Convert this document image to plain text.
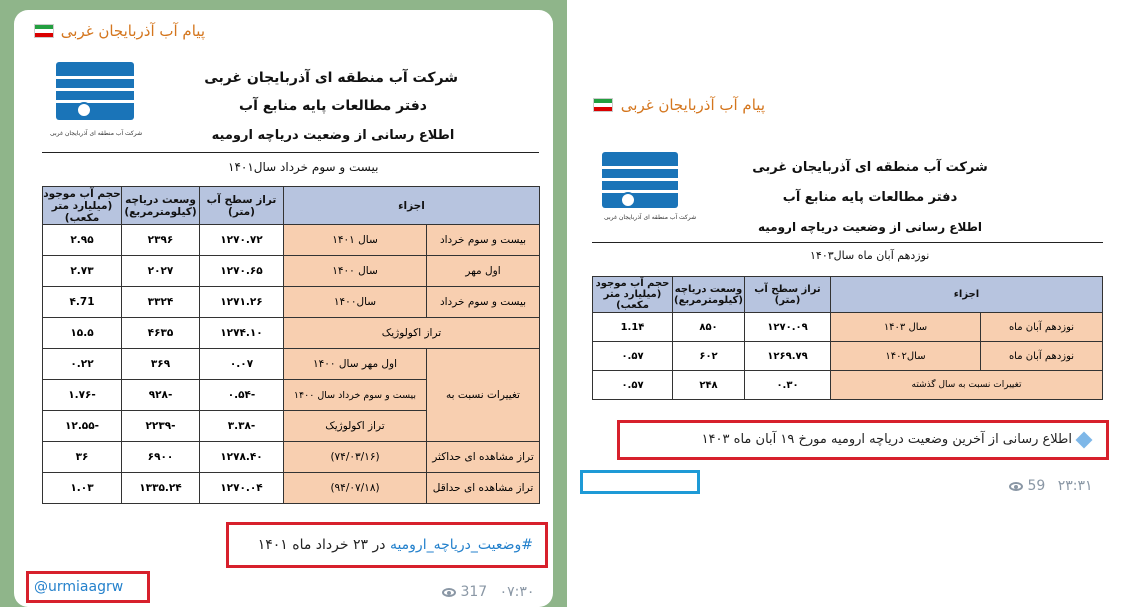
پیام آب آذربایجان غربی
شرکت آب منطقه ای آذربایجان غربی
شرکت آب منطقه ای آذربایجان غربی
دفتر مطالعات پایه منابع آب
اطلاع رسانی از وضعیت دریاچه ارومیه
بیست و سوم خرداد سال۱۴۰۱
اجزاء		تراز سطح آب (متر)	وسعت دریاچه (کیلومترمربع)	حجم آب موجود (میلیارد متر مکعب)
بیست و سوم خرداد	سال ۱۴۰۱	۱۲۷۰.۷۲	۲۳۹۶	۲.۹۵
اول مهر	سال ۱۴۰۰	۱۲۷۰.۶۵	۲۰۲۷	۲.۷۳
بیست و سوم خرداد	سال۱۴۰۰	۱۲۷۱.۲۶	۳۳۲۴	۴.71
تراز اکولوژیک		۱۲۷۴.۱۰	۴۶۳۵	۱۵.۵
تغییرات نسبت به	اول مهر سال ۱۴۰۰	۰.۰۷	۳۶۹	۰.۲۲
	بیست و سوم خرداد سال ۱۴۰۰	-۰.۵۴	-۹۲۸	-۱.۷۶
	تراز اکولوژیک	-۳.۳۸	-۲۲۳۹	-۱۲.۵۵
تراز مشاهده ای حداکثر	(۷۴/۰۳/۱۶)	۱۲۷۸.۴۰	۶۹۰۰	۳۶
تراز مشاهده ای حداقل	(۹۴/۰۷/۱۸)	۱۲۷۰.۰۴	۱۳۳۵.۲۴	۱.۰۳
#وضعیت_دریاچه_ارومیه در ۲۳ خرداد ماه ۱۴۰۱
@urmiaagrw	317 ۰۷:۳۰
پیام آب آذربایجان غربی
شرکت آب منطقه ای آذربایجان غربی
شرکت آب منطقه ای آذربایجان غربی
دفتر مطالعات پایه منابع آب
اطلاع رسانی از وضعیت دریاچه ارومیه
نوزدهم آبان ماه سال۱۴۰۳
اجزاء		تراز سطح آب (متر)	وسعت دریاچه (کیلومترمربع)	حجم آب موجود (میلیارد متر مکعب)
نوزدهم آبان ماه	سال ۱۴۰۳	۱۲۷۰.۰۹	۸۵۰	1.1۴
نوزدهم آبان ماه	سال۱۴۰۲	۱۲۶۹.۷۹	۶۰۲	۰.۵۷
تغییرات نسبت به سال گذشته		۰.۳۰	۲۴۸	۰.۵۷
اطلاع رسانی از آخرین وضعیت دریاچه ارومیه مورخ ۱۹ آبان ماه ۱۴۰۳
59 ۲۳:۳۱
